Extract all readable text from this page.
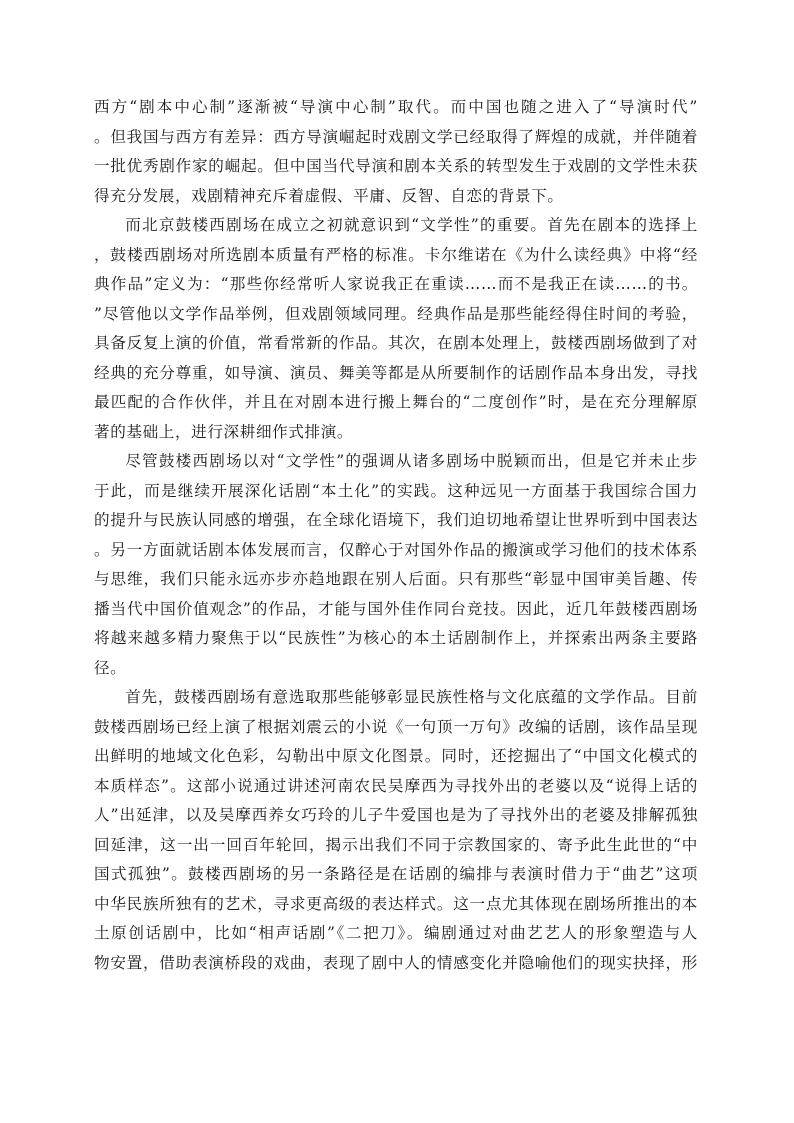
西方“剧本中心制”逐渐被“导演中心制”取代。而中国也随之进入了“导演时代”
。但我国与西方有差异：西方导演崛起时戏剧文学已经取得了辉煌的成就，并伴随着
一批优秀剧作家的崛起。但中国当代导演和剧本关系的转型发生于戏剧的文学性未获
得充分发展，戏剧精神充斥着虚假、平庸、反智、自恋的背景下。
而北京鼓楼西剧场在成立之初就意识到“文学性”的重要。首先在剧本的选择上
，鼓楼西剧场对所选剧本质量有严格的标准。卡尔维诺在《为什么读经典》中将“经
典作品”定义为：“那些你经常听人家说我正在重读……而不是我正在读……的书。
”尽管他以文学作品举例，但戏剧领域同理。经典作品是那些能经得住时间的考验，
具备反复上演的价值，常看常新的作品。其次，在剧本处理上，鼓楼西剧场做到了对
经典的充分尊重，如导演、演员、舞美等都是从所要制作的话剧作品本身出发，寻找
最匹配的合作伙伴，并且在对剧本进行搬上舞台的“二度创作”时，是在充分理解原
著的基础上，进行深耕细作式排演。
尽管鼓楼西剧场以对“文学性”的强调从诸多剧场中脱颖而出，但是它并未止步
于此，而是继续开展深化话剧“本土化”的实践。这种远见一方面基于我国综合国力
的提升与民族认同感的增强，在全球化语境下，我们迫切地希望让世界听到中国表达
。另一方面就话剧本体发展而言，仅醉心于对国外作品的搬演或学习他们的技术体系
与思维，我们只能永远亦步亦趋地跟在别人后面。只有那些“彰显中国审美旨趣、传
播当代中国价值观念”的作品，才能与国外佳作同台竞技。因此，近几年鼓楼西剧场
将越来越多精力聚焦于以“民族性”为核心的本土话剧制作上，并探索出两条主要路
径。
首先，鼓楼西剧场有意选取那些能够彰显民族性格与文化底蕴的文学作品。目前
鼓楼西剧场已经上演了根据刘震云的小说《一句顶一万句》改编的话剧，该作品呈现
出鲜明的地域文化色彩，勾勒出中原文化图景。同时，还挖掘出了“中国文化模式的
本质样态”。这部小说通过讲述河南农民吴摩西为寻找外出的老婆以及“说得上话的
人”出延津，以及吴摩西养女巧玲的儿子牛爱国也是为了寻找外出的老婆及排解孤独
回延津，这一出一回百年轮回，揭示出我们不同于宗教国家的、寄予此生此世的“中
国式孤独”。鼓楼西剧场的另一条路径是在话剧的编排与表演时借力于“曲艺”这项
中华民族所独有的艺术，寻求更高级的表达样式。这一点尤其体现在剧场所推出的本
土原创话剧中，比如“相声话剧”《二把刀》。编剧通过对曲艺艺人的形象塑造与人
物安置，借助表演桥段的戏曲，表现了剧中人的情感变化并隐喻他们的现实抉择，形
